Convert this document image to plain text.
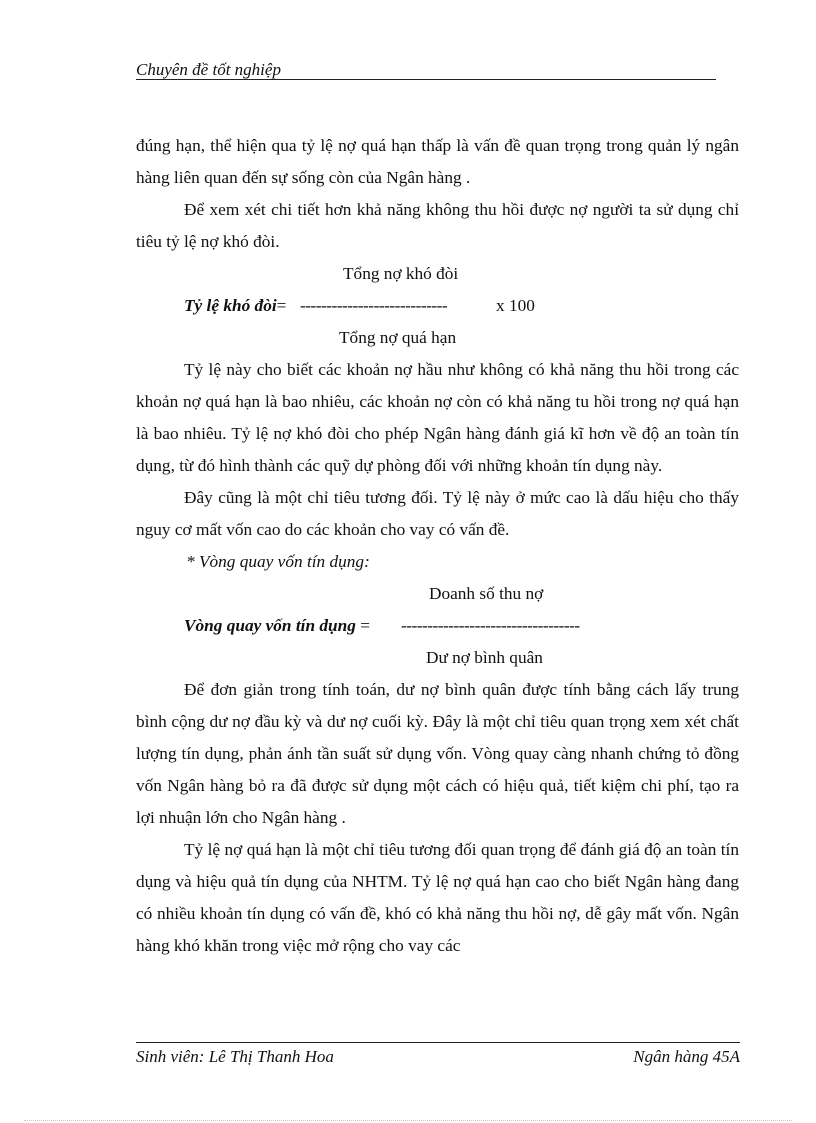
Chuyên đề tốt nghiệp

đúng hạn, thể hiện qua tỷ lệ nợ quá hạn thấp là vấn đề quan trọng trong quản lý ngân hàng liên quan đến sự sống còn của Ngân hàng .

Để xem xét chi tiết hơn khả năng không thu hồi được nợ người ta sử dụng chỉ tiêu tỷ lệ nợ khó đòi.

Tổng nợ khó đòi
Tỷ lệ khó đòi= ----------------------------	x 100
Tổng nợ quá hạn

Tỷ lệ này cho biết các khoản nợ hầu như không có khả năng thu hồi trong các khoản nợ quá hạn là bao nhiêu, các khoản nợ còn có khả năng tu hồi trong nợ quá hạn là bao nhiêu. Tỷ lệ nợ khó đòi cho phép Ngân hàng đánh giá kĩ hơn về độ an toàn tín dụng, từ đó hình thành các quỹ dự phòng đối với những khoản tín dụng này.

Đây cũng là một chỉ tiêu tương đối. Tỷ lệ này ở mức cao là dấu hiệu cho thấy nguy cơ mất vốn cao do các khoản cho vay có vấn đề.

* Vòng quay vốn tín dụng:

Doanh số thu nợ
Vòng quay vốn tín dụng = ----------------------------------
Dư nợ bình quân

Để đơn giản trong tính toán, dư nợ bình quân được tính bằng cách lấy trung bình cộng dư nợ đầu kỳ và dư nợ cuối kỳ. Đây là một chỉ tiêu quan trọng xem xét chất lượng tín dụng, phản ánh tần suất sử dụng vốn. Vòng quay càng nhanh chứng tỏ đồng vốn Ngân hàng bỏ ra đã được sử dụng một cách có hiệu quả, tiết kiệm chi phí, tạo ra lợi nhuận lớn cho Ngân hàng .

Tỷ lệ nợ quá hạn là một chỉ tiêu tương đối quan trọng để đánh giá độ an toàn tín dụng và hiệu quả tín dụng của NHTM. Tỷ lệ nợ quá hạn cao cho biết Ngân hàng đang có nhiều khoản tín dụng có vấn đề, khó có khả năng thu hồi nợ, dễ gây mất vốn. Ngân hàng khó khăn trong việc mở rộng cho vay các

Sinh viên: Lê Thị Thanh Hoa	Ngân hàng 45A
